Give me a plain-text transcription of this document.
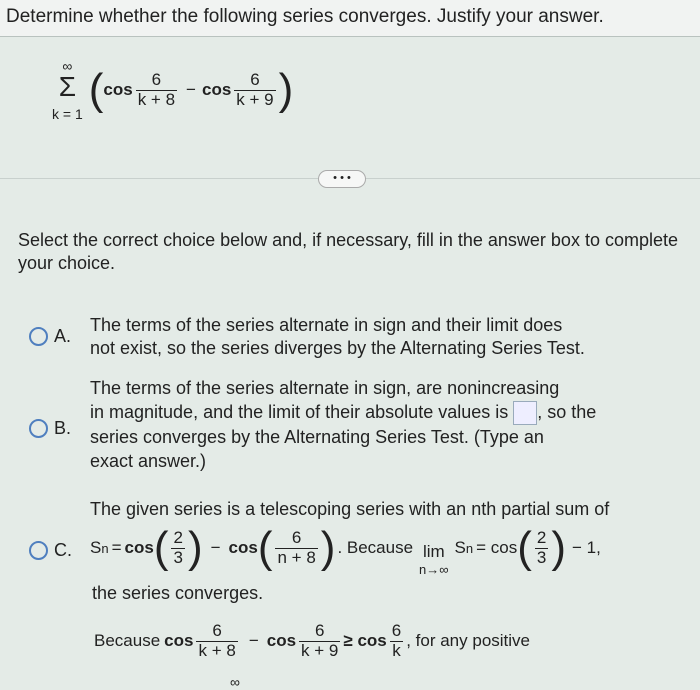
Determine whether the following series converges. Justify your answer.
∞
Σ
k = 1 ( $\cos \frac{6}{k + 8} - \cos \frac{6}{k + 9}$ )
• • •
Select the correct choice below and, if necessary, fill in the answer box to complete your choice.
A.
The terms of the series alternate in sign and their limit does
not exist, so the series diverges by the Alternating Series Test.
B.
The terms of the series alternate in sign, are nonincreasing
in magnitude, and the limit of their absolute values is , so the
series converges by the Alternating Series Test. (Type an
exact answer.)
C.
The given series is a telescoping series with an nth partial sum of
S n = cos ( $\frac{2}{3}$ ) − cos ( $\frac{6}{n + 8}$ ) . Because lim
n→∞
S n = cos ( $\frac{2}{3}$ ) − 1,
the series converges.
Because $\cos \frac{6}{k + 8} - \cos \frac{6}{k + 9} \ge \cos \frac{6}{k}$ , for any positive
∞
